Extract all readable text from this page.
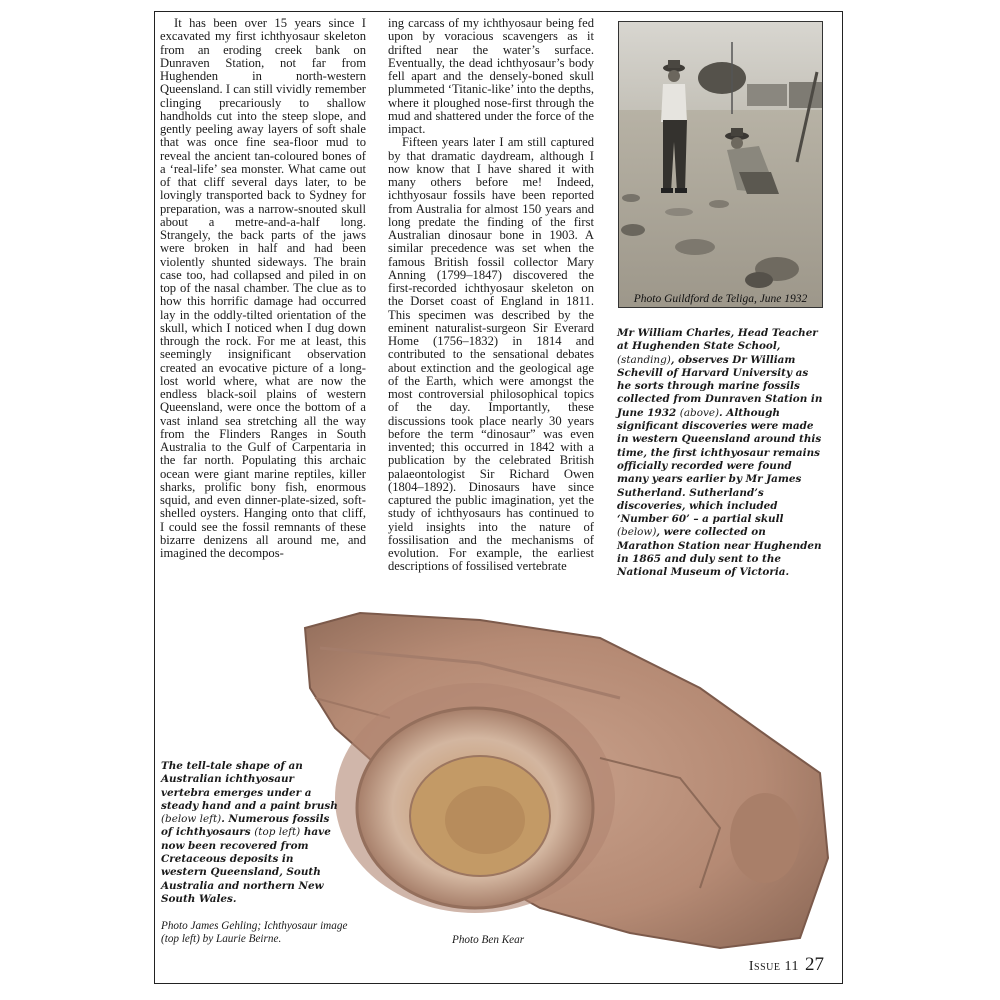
It has been over 15 years since I excavated my first ichthyosaur skeleton from an eroding creek bank on Dunraven Station, not far from Hughenden in north-western Queensland. I can still vividly remember clinging precariously to shallow handholds cut into the steep slope, and gently peeling away layers of soft shale that was once fine sea-floor mud to reveal the ancient tan-coloured bones of a ‘real-life’ sea monster. What came out of that cliff several days later, to be lovingly transported back to Sydney for preparation, was a narrow-snouted skull about a metre-and-a-half long. Strangely, the back parts of the jaws were broken in half and had been violently shunted sideways. The brain case too, had collapsed and piled in on top of the nasal chamber. The clue as to how this horrific damage had occurred lay in the oddly-tilted orientation of the skull, which I noticed when I dug down through the rock. For me at least, this seemingly insignificant observation created an evocative picture of a long-lost world where, what are now the endless black-soil plains of western Queensland, were once the bottom of a vast inland sea stretching all the way from the Flinders Ranges in South Australia to the Gulf of Carpentaria in the far north. Populating this archaic ocean were giant marine reptiles, killer sharks, prolific bony fish, enormous squid, and even dinner-plate-sized, soft-shelled oysters. Hanging onto that cliff, I could see the fossil remnants of these bizarre denizens all around me, and imagined the decompos-

ing carcass of my ichthyosaur being fed upon by voracious scavengers as it drifted near the water’s surface. Eventually, the dead ichthyosaur’s body fell apart and the densely-boned skull plummeted ‘Titanic-like’ into the depths, where it ploughed nose-first through the mud and shattered under the force of the impact.

Fifteen years later I am still captured by that dramatic daydream, although I now know that I have shared it with many others before me! Indeed, ichthyosaur fossils have been reported from Australia for almost 150 years and long predate the finding of the first Australian dinosaur bone in 1903. A similar precedence was set when the famous British fossil collector Mary Anning (1799–1847) discovered the first-recorded ichthyosaur skeleton on the Dorset coast of England in 1811. This specimen was described by the eminent naturalist-surgeon Sir Everard Home (1756–1832) in 1814 and contributed to the sensational debates about extinction and the geological age of the Earth, which were amongst the most controversial philosophical topics of the day. Importantly, these discussions took place nearly 30 years before the term “dinosaur” was even invented; this occurred in 1842 with a publication by the celebrated British palaeontologist Sir Richard Owen (1804–1892). Dinosaurs have since captured the public imagination, yet the study of ichthyosaurs has continued to yield insights into the nature of fossilisation and the mechanisms of evolution. For example, the earliest descriptions of fossilised vertebrate

Photo Guildford de Teliga, June 1932
Mr William Charles, Head Teacher at Hughenden State School, (standing), observes Dr William Schevill of Harvard University as he sorts through marine fossils collected from Dunraven Station in June 1932 (above). Although significant discoveries were made in western Queensland around this time, the first ichthyosaur remains officially recorded were found many years earlier by Mr James Sutherland. Sutherland’s discoveries, which included ‘Number 60’ – a partial skull (below), were collected on Marathon Station near Hughenden in 1865 and duly sent to the National Museum of Victoria.
The tell-tale shape of an Australian ichthyosaur vertebra emerges under a steady hand and a paint brush (below left). Numerous fossils of ichthyosaurs (top left) have now been recovered from Cretaceous deposits in western Queensland, South Australia and northern New South Wales.
Photo James Gehling; Ichthyosaur image (top left) by Laurie Beirne.	Photo Ben Kear
Issue 11 27
